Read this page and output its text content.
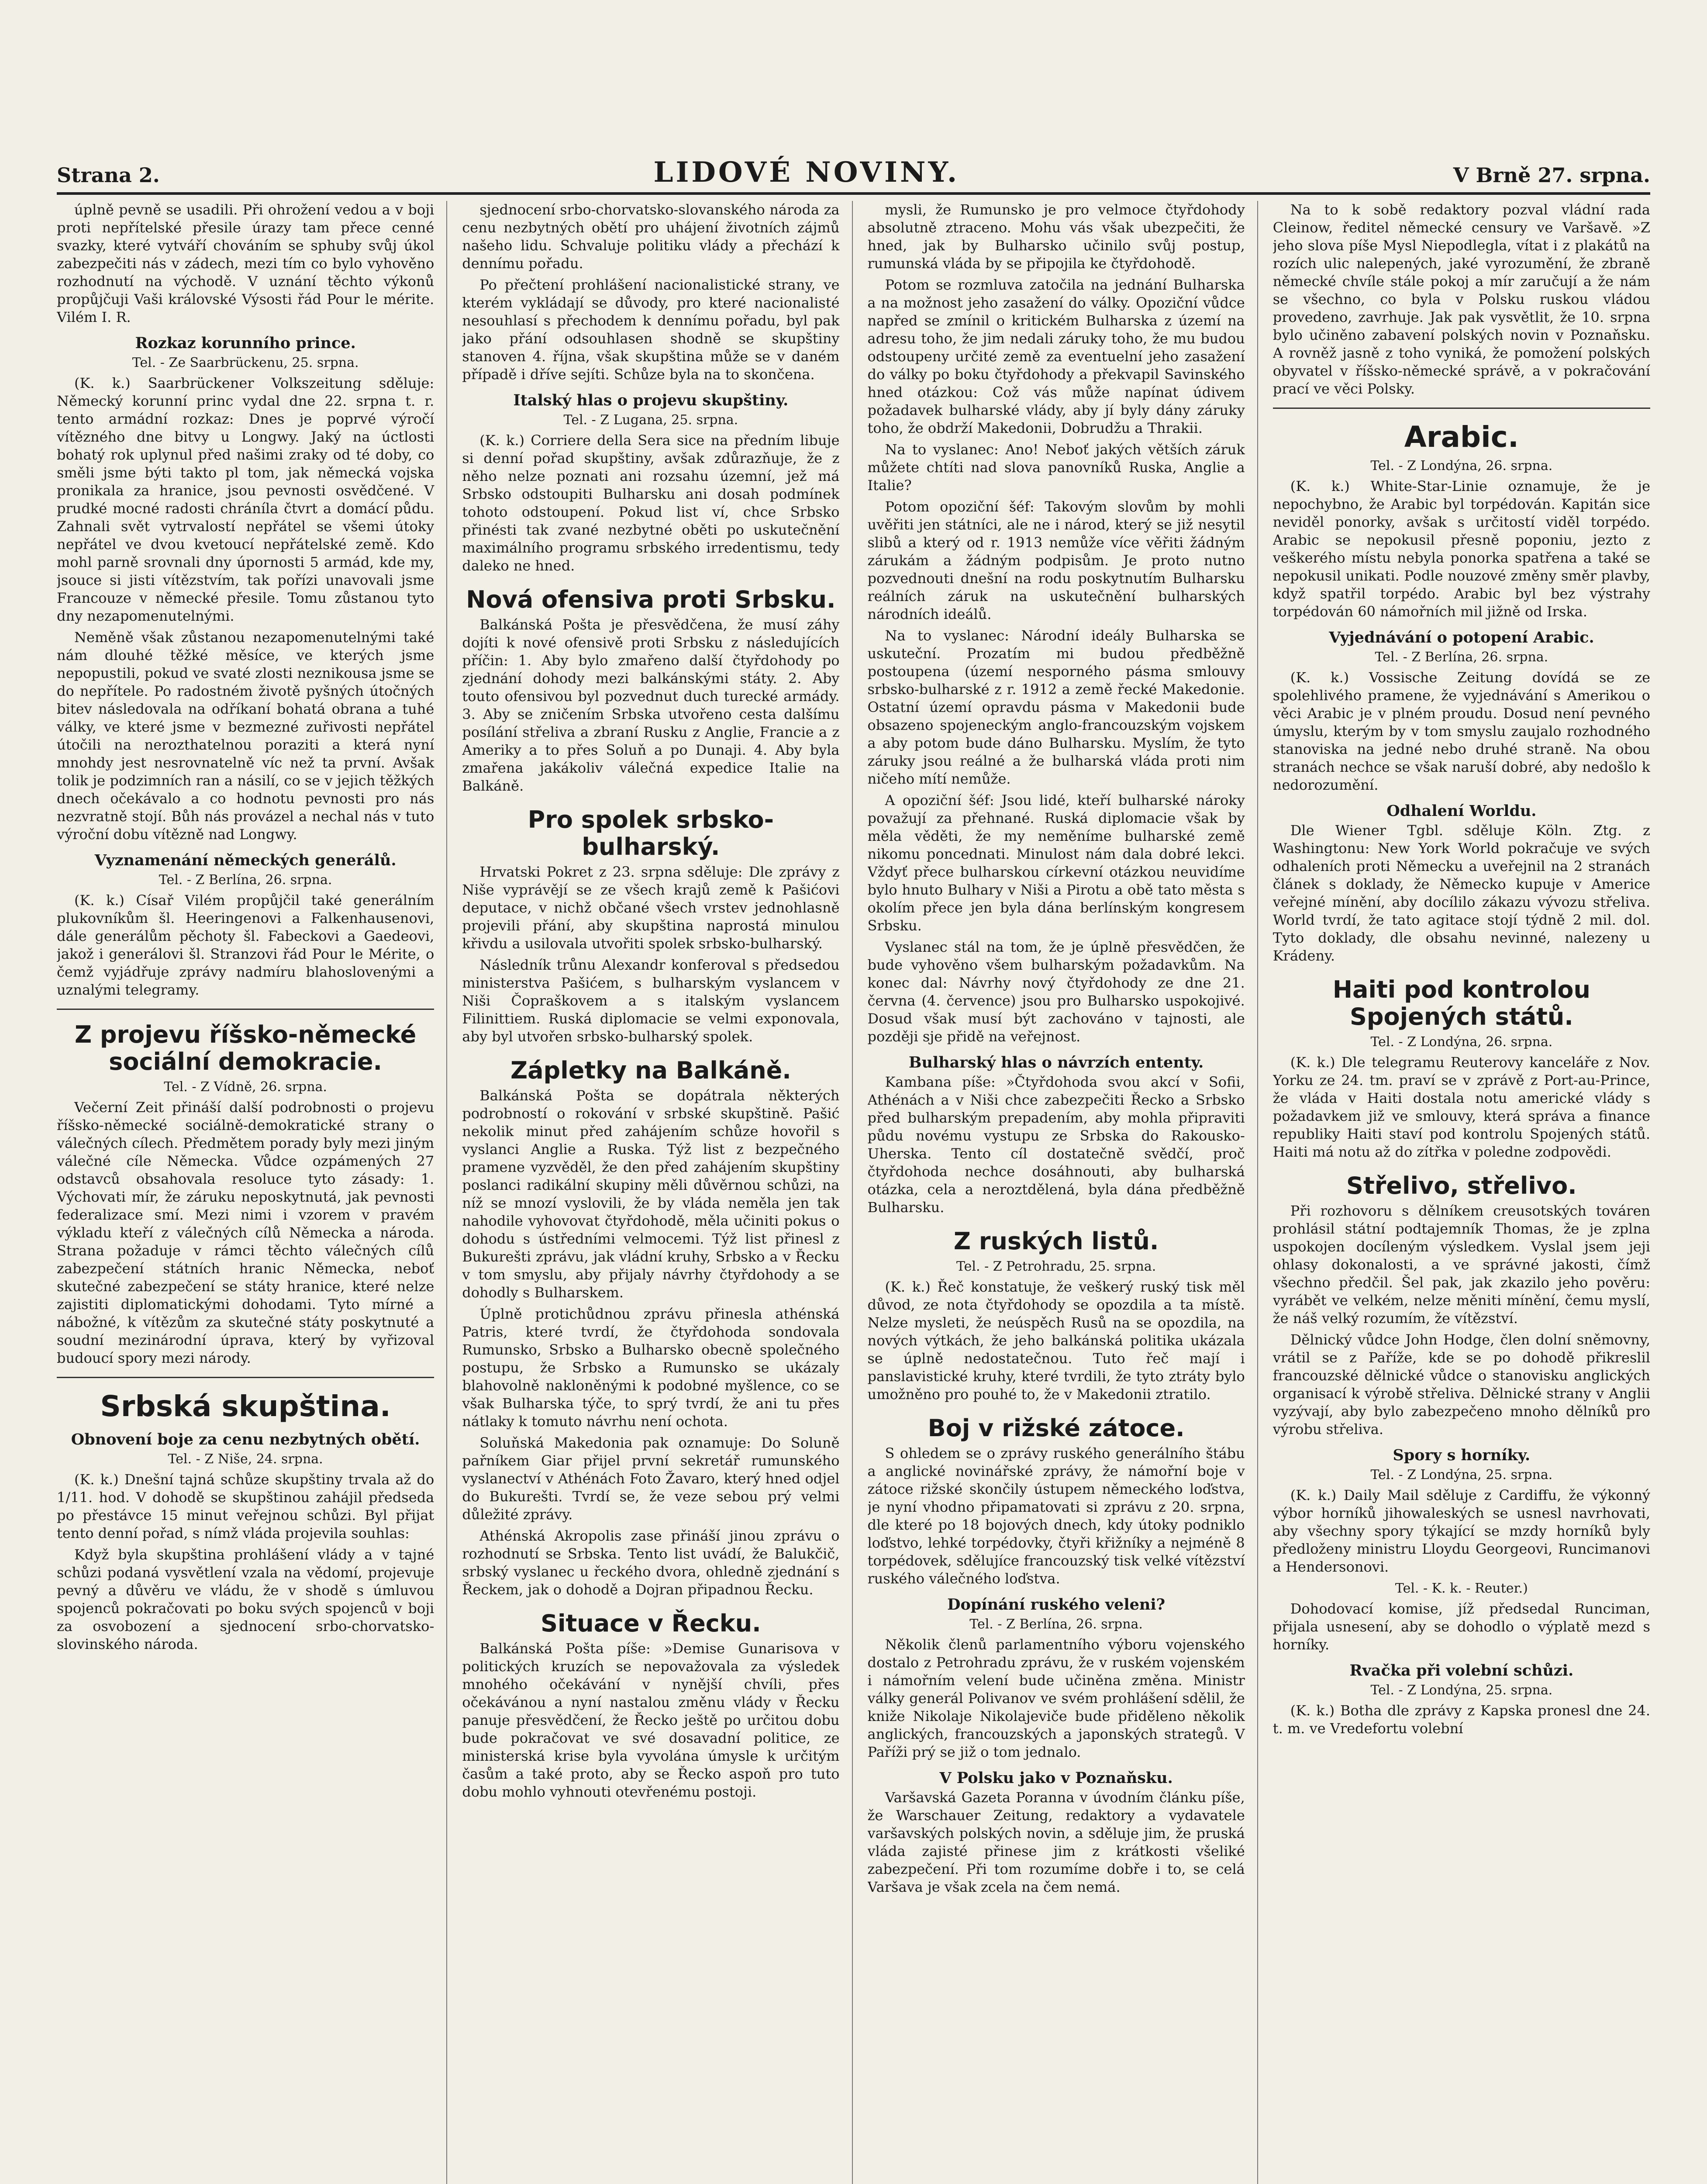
Strana 2.	LIDOVÉ NOVINY.	V Brně 27. srpna.

úplně pevně se usadili. Při ohrožení vedou a v boji proti nepřítelské přesile úrazy tam přece cenné svazky, které vytváří chováním se sphuby svůj úkol zabezpečiti nás v zádech, mezi tím co bylo vyhověno rozhodnutí na východě. V uznání těchto výkonů propůjčuji Vaši královské Výsosti řád Pour le mérite. Vilém I. R.

Rozkaz korunního prince.

Tel. - Ze Saarbrückenu, 25. srpna.

(K. k.) Saarbrückener Volkszeitung sděluje: Německý korunní princ vydal dne 22. srpna t. r. tento armádní rozkaz: Dnes je poprvé výročí vítězného dne bitvy u Longwy. Jaký na úctlosti bohatý rok uplynul před našimi zraky od té doby, co směli jsme býti takto pl tom, jak německá vojska pronikala za hranice, jsou pevnosti osvědčené. V prudké mocné radosti chráníla čtvrt a domácí půdu. Zahnali svět vytrvalostí nepřátel se všemi útoky nepřátel ve dvou kvetoucí nepřátelské země. Kdo mohl parně srovnali dny úpornosti 5 armád, kde my, jsouce si jisti vítězstvím, tak pořízi unavovali jsme Francouze v německé přesile. Tomu zůstanou tyto dny nezapomenutelnými.

Neměně však zůstanou nezapomenutelnými také nám dlouhé těžké měsíce, ve kterých jsme nepopustili, pokud ve svaté zlosti neznikousa jsme se do nepřítele. Po radostném životě pyšných útočných bitev následovala na odříkaní bohatá obrana a tuhé války, ve které jsme v bezmezné zuřivosti nepřátel útočili na nerozthatelnou poraziti a která nyní mnohdy jest nesrovnatelně víc než ta první. Avšak tolik je podzimních ran a násilí, co se v jejich těžkých dnech očekávalo a co hodnotu pevnosti pro nás nezvratně stojí. Bůh nás provázel a nechal nás v tuto výroční dobu vítězně nad Longwy.

Vyznamenání německých generálů.

Tel. - Z Berlína, 26. srpna.

(K. k.) Císař Vilém propůjčil také generálním plukovníkům šl. Heeringenovi a Falkenhausenovi, dále generálům pěchoty šl. Fabeckovi a Gaedeovi, jakož i generálovi šl. Stranzovi řád Pour le Mérite, o čemž vyjádřuje zprávy nadmíru blahoslovenými a uznalými telegramy.

Z projevu říšsko-německé sociální demokracie.

Tel. - Z Vídně, 26. srpna.

Večerní Zeit přináší další podrobnosti o projevu říšsko-německé sociálně-demokratické strany o válečných cílech. Předmětem porady byly mezi jiným válečné cíle Německa. Vůdce ozpámených 27 odstavců obsahovala resoluce tyto zásady: 1. Výchovati mír, že záruku neposkytnutá, jak pevnosti federalizace smí. Mezi nimi i vzorem v pravém výkladu kteří z válečných cílů Německa a národa. Strana požaduje v rámci těchto válečných cílů zabezpečení státních hranic Německa, neboť skutečné zabezpečení se státy hranice, které nelze zajistiti diplomatickými dohodami. Tyto mírné a nábožné, k vítězům za skutečné státy poskytnuté a soudní mezinárodní úprava, který by vyřizoval budoucí spory mezi národy.

Srbská skupština.

Obnovení boje za cenu nezbytných obětí.

Tel. - Z Niše, 24. srpna.

(K. k.) Dnešní tajná schůze skupštiny trvala až do 1/11. hod. V dohodě se skupštinou zahájil předseda po přestávce 15 minut veřejnou schůzi. Byl přijat tento denní pořad, s nímž vláda projevila souhlas:

Když byla skupština prohlášení vlády a v tajné schůzi podaná vysvětlení vzala na vědomí, projevuje pevný a důvěru ve vládu, že v shodě s úmluvou spojenců pokračovati po boku svých spojenců v boji za osvobození a sjednocení srbo-chorvatsko-slovinského národa.

sjednocení srbo-chorvatsko-slovanského národa za cenu nezbytných obětí pro uhájení životních zájmů našeho lidu. Schvaluje politiku vlády a přechází k dennímu pořadu.

Po přečtení prohlášení nacionalistické strany, ve kterém vykládají se důvody, pro které nacionalisté nesouhlasí s přechodem k dennímu pořadu, byl pak jako přání odsouhlasen shodně se skupštiny stanoven 4. října, však skupština může se v daném případě i dříve sejíti. Schůze byla na to skončena.

Italský hlas o projevu skupštiny.

Tel. - Z Lugana, 25. srpna.

(K. k.) Corriere della Sera sice na předním libuje si denní pořad skupštiny, avšak zdůrazňuje, že z něho nelze poznati ani rozsahu územní, jež má Srbsko odstoupiti Bulharsku ani dosah podmínek tohoto odstoupení. Pokud list ví, chce Srbsko přinésti tak zvané nezbytné oběti po uskutečnění maximálního programu srbského irredentismu, tedy daleko ne hned.

Nová ofensiva proti Srbsku.

Balkánská Pošta je přesvědčena, že musí záhy dojíti k nové ofensivě proti Srbsku z následujících příčin: 1. Aby bylo zmařeno další čtyřdohody po zjednání dohody mezi balkánskými státy. 2. Aby touto ofensivou byl pozvednut duch turecké armády. 3. Aby se zničením Srbska utvořeno cesta dalšímu posílání střeliva a zbraní Rusku z Anglie, Francie a z Ameriky a to přes Soluň a po Dunaji. 4. Aby byla zmařena jakákoliv válečná expedice Italie na Balkáně.

Pro spolek srbsko-bulharský.

Hrvatski Pokret z 23. srpna sděluje: Dle zprávy z Niše vyprávějí se ze všech krajů země k Pašićovi deputace, v nichž občané všech vrstev jednohlasně projevili přání, aby skupština naprostá minulou křivdu a usilovala utvořiti spolek srbsko-bulharský.

Následník trůnu Alexandr konferoval s předsedou ministerstva Pašićem, s bulharským vyslancem v Niši Čopraškovem a s italským vyslancem Filinittiem. Ruská diplomacie se velmi exponovala, aby byl utvořen srbsko-bulharský spolek.

Zápletky na Balkáně.

Balkánská Pošta se dopátrala některých podrobností o rokování v srbské skupštině. Pašić nekolik minut před zahájením schůze hovořil s vyslanci Anglie a Ruska. Týž list z bezpečného pramene vyzvěděl, že den před zahájením skupštiny poslanci radikální skupiny měli důvěrnou schůzi, na níž se mnozí vyslovili, že by vláda neměla jen tak nahodile vyhovovat čtyřdohodě, měla učiniti pokus o dohodu s ústředními velmocemi. Týž list přinesl z Bukurešti zprávu, jak vládní kruhy, Srbsko a v Řecku v tom smyslu, aby přijaly návrhy čtyřdohody a se dohodly s Bulharskem.

Úplně protichůdnou zprávu přinesla athénská Patris, které tvrdí, že čtyřdohoda sondovala Rumunsko, Srbsko a Bulharsko obecně společného postupu, že Srbsko a Rumunsko se ukázaly blahovolně nakloněnými k podobné myšlence, co se však Bulharska týče, to sprý tvrdí, že ani tu přes nátlaky k tomuto návrhu není ochota.

Soluňská Makedonia pak oznamuje: Do Soluně pařníkem Giar přijel první sekretář rumunského vyslanectví v Athénách Foto Žavaro, který hned odjel do Bukurešti. Tvrdí se, že veze sebou prý velmi důležité zprávy.

Athénská Akropolis zase přináší jinou zprávu o rozhodnutí se Srbska. Tento list uvádí, že Balukčič, srbský vyslanec u řeckého dvora, ohledně zjednání s Řeckem, jak o dohodě a Dojran připadnou Řecku.

Situace v Řecku.

Balkánská Pošta píše: »Demise Gunarisova v politických kruzích se nepovažovala za výsledek mnohého očekávání v nynější chvíli, přes očekávánou a nyní nastalou změnu vlády v Řecku panuje přesvědčení, že Řecko ještě po určitou dobu bude pokračovat ve své dosavadní politice, ze ministerská krise byla vyvolána úmysle k určitým časům a také proto, aby se Řecko aspoň pro tuto dobu mohlo vyhnouti otevřenému postoji.

mysli, že Rumunsko je pro velmoce čtyřdohody absolutně ztraceno. Mohu vás však ubezpečiti, že hned, jak by Bulharsko učinilo svůj postup, rumunská vláda by se připojila ke čtyřdohodě.

Potom se rozmluva zatočila na jednání Bulharska a na možnost jeho zasažení do války. Opoziční vůdce napřed se zmínil o kritickém Bulharska z území na adresu toho, že jim nedali záruky toho, že mu budou odstoupeny určité země za eventuelní jeho zasažení do války po boku čtyřdohody a překvapil Savinského hned otázkou: Což vás může napínat údivem požadavek bulharské vlády, aby jí byly dány záruky toho, že obdrží Makedonii, Dobrudžu a Thrakii.

Na to vyslanec: Ano! Neboť jakých větších záruk můžete chtíti nad slova panovníků Ruska, Anglie a Italie?

Potom opoziční šéf: Takovým slovům by mohli uvěřiti jen státníci, ale ne i národ, který se již nesytil slibů a který od r. 1913 nemůže více věřiti žádným zárukám a žádným podpisům. Je proto nutno pozvednouti dnešní na rodu poskytnutím Bulharsku reálních záruk na uskutečnění bulharských národních ideálů.

Na to vyslanec: Národní ideály Bulharska se uskuteční. Prozatím mi budou předběžně postoupena (území nesporného pásma smlouvy srbsko-bulharské z r. 1912 a země řecké Makedonie. Ostatní území opravdu pásma v Makedonii bude obsazeno spojeneckým anglo-francouzským vojskem a aby potom bude dáno Bulharsku. Myslím, že tyto záruky jsou reálné a že bulharská vláda proti nim ničeho mítí nemůže.

A opoziční šéf: Jsou lidé, kteří bulharské nároky považují za přehnané. Ruská diplomacie však by měla věděti, že my neměníme bulharské země nikomu poncednati. Minulost nám dala dobré lekci. Vždyť přece bulharskou církevní otázkou neuvidíme bylo hnuto Bulhary v Niši a Pirotu a obě tato města s okolím přece jen byla dána berlínským kongresem Srbsku.

Vyslanec stál na tom, že je úplně přesvědčen, že bude vyhověno všem bulharským požadavkům. Na konec dal: Návrhy nový čtyřdohody ze dne 21. června (4. července) jsou pro Bulharsko uspokojivé. Dosud však musí být zachováno v tajnosti, ale později sje přidě na veřejnost.

Bulharský hlas o návrzích ententy.

Kambana píše: »Čtyřdohoda svou akcí v Sofii, Athénách a v Niši chce zabezpečiti Řecko a Srbsko před bulharským prepadením, aby mohla připraviti půdu novému vystupu ze Srbska do Rakousko-Uherska. Tento cíl dostatečně svědčí, proč čtyřdohoda nechce dosáhnouti, aby bulharská otázka, cela a neroztdělená, byla dána předběžně Bulharsku.

Z ruských listů.

Tel. - Z Petrohradu, 25. srpna.

(K. k.) Řeč konstatuje, že veškerý ruský tisk měl důvod, ze nota čtyřdohody se opozdila a ta místě. Nelze mysleti, že neúspěch Rusů na se opozdila, na nových výtkách, že jeho balkánská politika ukázala se úplně nedostatečnou. Tuto řeč mají i panslavistické kruhy, které tvrdili, že tyto ztráty bylo umožněno pro pouhé to, že v Makedonii ztratilo.

Boj v rižské zátoce.

S ohledem se o zprávy ruského generálního štábu a anglické novinářské zprávy, že námořní boje v zátoce rižské skončily ústupem německého loďstva, je nyní vhodno připamatovati si zprávu z 20. srpna, dle které po 18 bojových dnech, kdy útoky podniklo loďstvo, lehké torpédovky, čtyři křižníky a nejméně 8 torpédovek, sdělujíce francouzský tisk velké vítězství ruského válečného loďstva.

Dopínání ruského veleni?

Tel. - Z Berlína, 26. srpna.

Několik členů parlamentního výboru vojenského dostalo z Petrohradu zprávu, že v ruském vojenském i námořním velení bude učiněna změna. Ministr války generál Polivanov ve svém prohlášení sdělil, že kniže Nikolaje Nikolajeviče bude přiděleno několik anglických, francouzských a japonských strategů. V Paříži prý se již o tom jednalo.

V Polsku jako v Poznaňsku.

Varšavská Gazeta Poranna v úvodním článku píše, že Warschauer Zeitung, redaktory a vydavatele varšavských polských novin, a sděluje jim, že pruská vláda zajisté přinese jim z krátkosti všeliké zabezpečení. Při tom rozumíme dobře i to, se celá Varšava je však zcela na čem nemá.

Na to k sobě redaktory pozval vládní rada Cleinow, ředitel německé censury ve Varšavě. »Z jeho slova píše Mysl Niepodlegla, vítat i z plakátů na rozích ulic nalepených, jaké vyrozumění, že zbraně německé chvíle stále pokoj a mír zaručují a že nám se všechno, co byla v Polsku ruskou vládou provedeno, zavrhuje. Jak pak vysvětlit, že 10. srpna bylo učiněno zabavení polských novin v Poznaňsku. A rovněž jasně z toho vyniká, že pomožení polských obyvatel v říšsko-německé správě, a v pokračování prací ve věci Polsky.

Arabic.

Tel. - Z Londýna, 26. srpna.

(K. k.) White-Star-Linie oznamuje, že je nepochybno, že Arabic byl torpédován. Kapitán sice neviděl ponorky, avšak s určitostí viděl torpédo. Arabic se nepokusil přesně poponiu, jezto z veškerého místu nebyla ponorka spatřena a také se nepokusil unikati. Podle nouzové změny směr plavby, když spatřil torpédo. Arabic byl bez výstrahy torpédován 60 námořních mil jižně od Irska.

Vyjednávání o potopení Arabic.

Tel. - Z Berlína, 26. srpna.

(K. k.) Vossische Zeitung dovídá se ze spolehlivého pramene, že vyjednávání s Amerikou o věci Arabic je v plném proudu. Dosud není pevného úmyslu, kterým by v tom smyslu zaujalo rozhodného stanoviska na jedné nebo druhé straně. Na obou stranách nechce se však naruší dobré, aby nedošlo k nedorozumění.

Odhalení Worldu.

Dle Wiener Tgbl. sděluje Köln. Ztg. z Washingtonu: New York World pokračuje ve svých odhaleních proti Německu a uveřejnil na 2 stranách článek s doklady, že Německo kupuje v Americe veřejné mínění, aby docílilo zákazu vývozu střeliva. World tvrdí, že tato agitace stojí týdně 2 mil. dol. Tyto doklady, dle obsahu nevinné, nalezeny u Krádeny.

Haiti pod kontrolou Spojených států.

Tel. - Z Londýna, 26. srpna.

(K. k.) Dle telegramu Reuterovy kanceláře z Nov. Yorku ze 24. tm. praví se v zprávě z Port-au-Prince, že vláda v Haiti dostala notu americké vlády s požadavkem již ve smlouvy, která správa a finance republiky Haiti staví pod kontrolu Spojených států. Haiti má notu až do zítřka v poledne zodpovědi.

Střelivo, střelivo.

Při rozhovoru s dělníkem creusotských továren prohlásil státní podtajemník Thomas, že je zplna uspokojen docíleným výsledkem. Vyslal jsem jeji ohlasy dokonalosti, a ve správné jakosti, čímž všechno předčil. Šel pak, jak zkazilo jeho pověru: vyrábět ve velkém, nelze měniti mínění, čemu myslí, že náš velký rozumím, že vítězství.

Dělnický vůdce John Hodge, člen dolní sněmovny, vrátil se z Paříže, kde se po dohodě přikreslil francouzské dělnické vůdce o stanovisku anglických organisací k výrobě střeliva. Dělnické strany v Anglii vyzývají, aby bylo zabezpečeno mnoho dělníků pro výrobu střeliva.

Spory s horníky.

Tel. - Z Londýna, 25. srpna.

(K. k.) Daily Mail sděluje z Cardiffu, že výkonný výbor horníků jihowaleských se usnesl navrhovati, aby všechny spory týkající se mzdy horníků byly předloženy ministru Lloydu Georgeovi, Runcimanovi a Hendersonovi.

Tel. - K. k. - Reuter.)

Dohodovací komise, jíž předsedal Runciman, přijala usnesení, aby se dohodlo o výplatě mezd s horníky.

Rvačka při volební schůzi.

Tel. - Z Londýna, 25. srpna.

(K. k.) Botha dle zprávy z Kapska pronesl dne 24. t. m. ve Vredefortu volební
